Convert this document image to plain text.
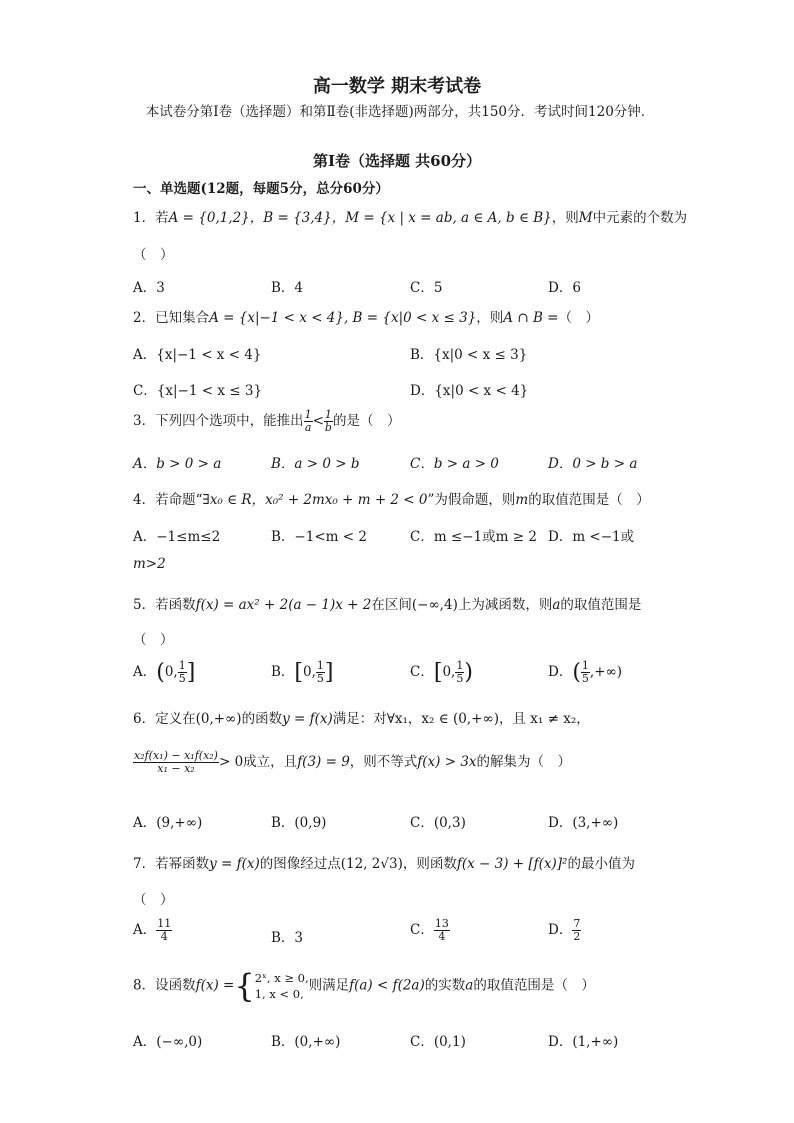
高一数学 期末考试卷
本试卷分第Ⅰ卷（选择题）和第Ⅱ卷(非选择题)两部分，共150分．考试时间120分钟．
第Ⅰ卷（选择题 共60分）
一、单选题(12题，每题5分，总分60分）
1．若A = {0,1,2}，B = {3,4}，M = {x | x = ab, a ∈ A, b ∈ B}，则M中元素的个数为
（　）
A．3	B．4	C．5	D．6
2．已知集合A = {x|−1 < x < 4}, B = {x|0 < x ≤ 3}，则A ∩ B =（　）
A．{x|−1 < x < 4}	B．{x|0 < x ≤ 3}
C．{x|−1 < x ≤ 3}	D．{x|0 < x < 4}
3．下列四个选项中，能推出 $\frac{1}{a} < \frac{1}{b}$ 的是（　）
A．b > 0 > a	B．a > 0 > b	C．b > a > 0	D．0 > b > a
4．若命题“∃x₀ ∈ R，x₀² + 2mx₀ + m + 2 < 0”为假命题，则m的取值范围是（　）
A．−1≤m≤2	B．−1<m < 2	C．m ≤−1或m ≥ 2 D．m <−1或
m>2
5．若函数f(x) = ax² + 2(a − 1)x + 2在区间(−∞,4)上为减函数，则a的取值范围是
（　）
A．(0, $\frac{1}{5}$ ]	B．[0, $\frac{1}{5}$ ]	C．[0, $\frac{1}{5}$ )	D．( $\frac{1}{5}$ ,+∞)
6．定义在(0,+∞)的函数y = f(x)满足：对∀x₁，x₂ ∈ (0,+∞)，且 x₁ ≠ x₂，
$\frac{\text{x₂f(x₁) − x₁f(x₂)}}{\text{x₁ − x₂}} > 0$成立，且f(3) = 9，则不等式f(x) > 3x的解集为（　）
A．(9,+∞)	B．(0,9)	C．(0,3)	D．(3,+∞)
7．若幂函数y = f(x)的图像经过点(12, 2√3)，则函数f(x − 3) + [f(x)]²的最小值为
（　）
A． $\frac{11}{4}$	B．3	C． $\frac{13}{4}$	D． $\frac{7}{2}$
8．设函数f(x) ={ 2ˣ, x ≥ 0,
1, x < 0,
则满足f(a) < f(2a)的实数a的取值范围是（　）
A．(−∞,0)	B．(0,+∞)	C．(0,1)	D．(1,+∞)
